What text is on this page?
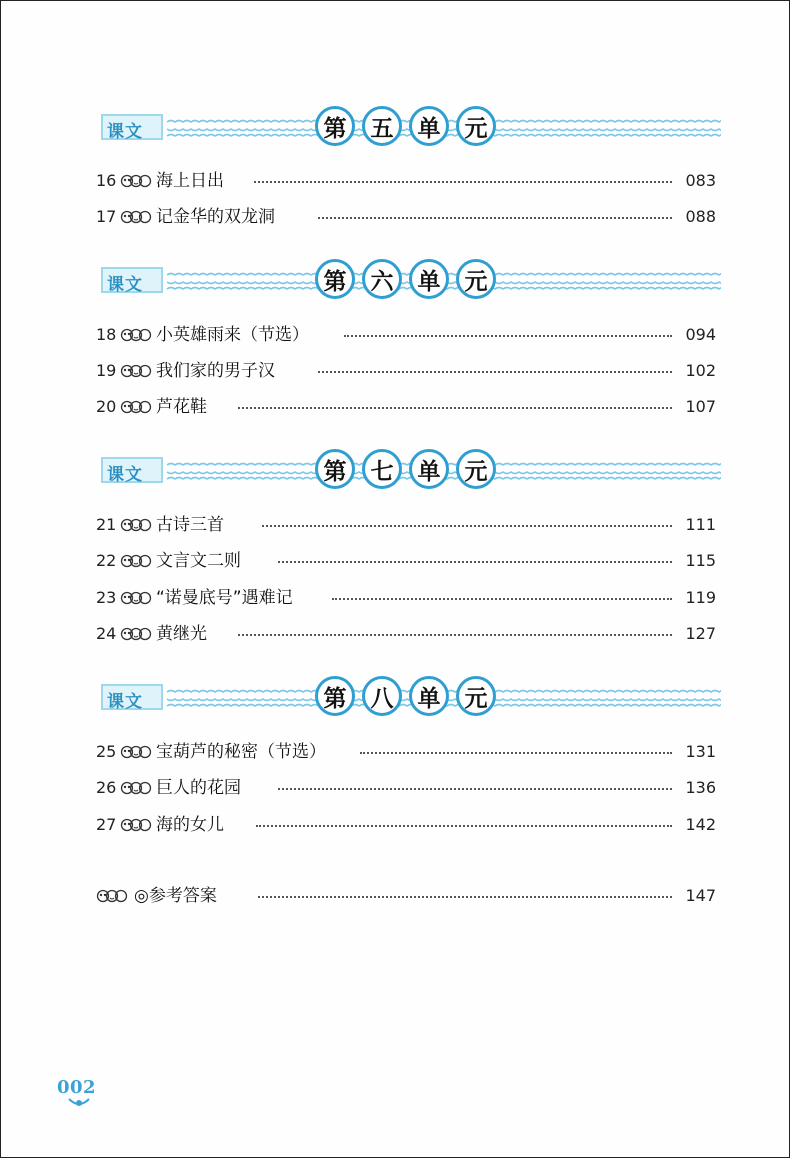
课文	第	五	单	元
16	海上日出	083
17	记金华的双龙洞	088
课文	第	六	单	元
18	小英雄雨来（节选）	094
19	我们家的男子汉	102
20	芦花鞋	107
课文	第	七	单	元
21	古诗三首	111
22	文言文二则	115
23	“诺曼底号”遇难记	119
24	黄继光	127
课文	第	八	单	元
25	宝葫芦的秘密（节选）	131
26	巨人的花园	136
27	海的女儿	142
◎参考答案	147
002
